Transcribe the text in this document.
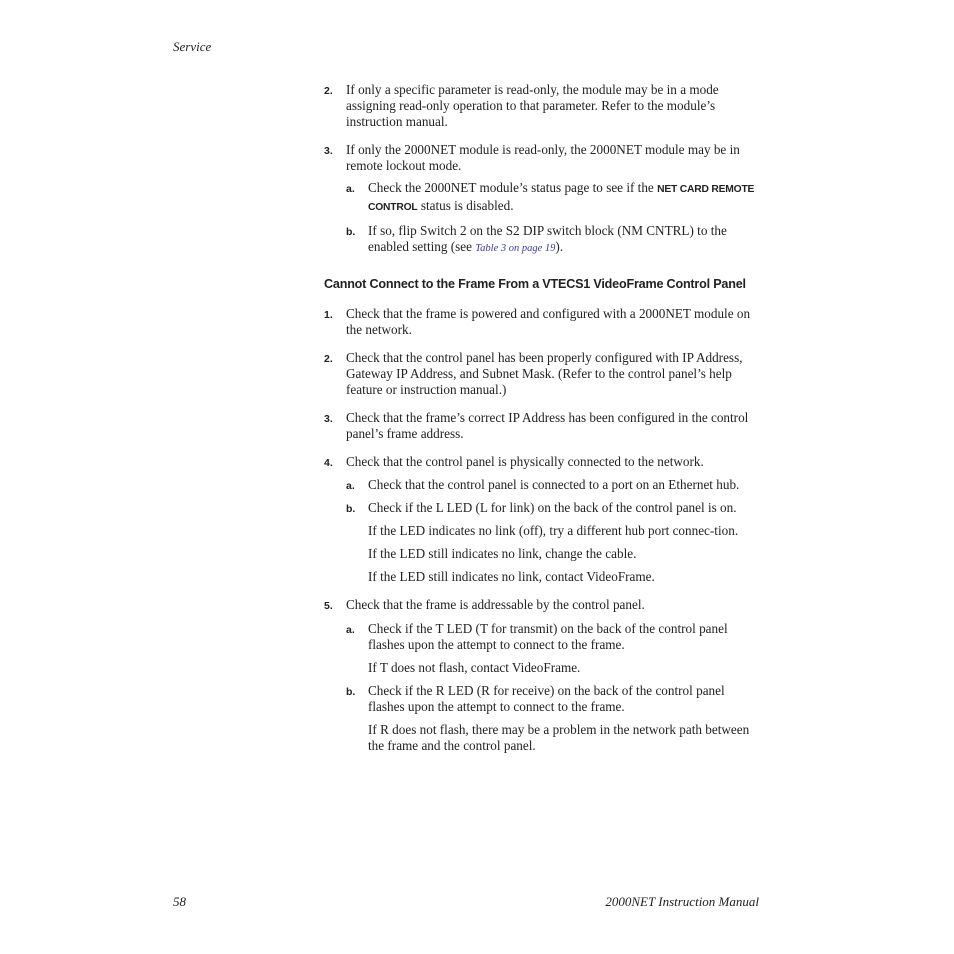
Service
2. If only a specific parameter is read-only, the module may be in a mode assigning read-only operation to that parameter. Refer to the module’s instruction manual.
3. If only the 2000NET module is read-only, the 2000NET module may be in remote lockout mode.
a. Check the 2000NET module’s status page to see if the NET CARD REMOTE CONTROL status is disabled.
b. If so, flip Switch 2 on the S2 DIP switch block (NM CNTRL) to the enabled setting (see Table 3 on page 19).
Cannot Connect to the Frame From a VTECS1 VideoFrame Control Panel
1. Check that the frame is powered and configured with a 2000NET module on the network.
2. Check that the control panel has been properly configured with IP Address, Gateway IP Address, and Subnet Mask. (Refer to the control panel’s help feature or instruction manual.)
3. Check that the frame’s correct IP Address has been configured in the control panel’s frame address.
4. Check that the control panel is physically connected to the network.
a. Check that the control panel is connected to a port on an Ethernet hub.
b. Check if the L LED (L for link) on the back of the control panel is on.
If the LED indicates no link (off), try a different hub port connec-tion.
If the LED still indicates no link, change the cable.
If the LED still indicates no link, contact VideoFrame.
5. Check that the frame is addressable by the control panel.
a. Check if the T LED (T for transmit) on the back of the control panel flashes upon the attempt to connect to the frame.
If T does not flash, contact VideoFrame.
b. Check if the R LED (R for receive) on the back of the control panel flashes upon the attempt to connect to the frame.
If R does not flash, there may be a problem in the network path between the frame and the control panel.
58	2000NET Instruction Manual
